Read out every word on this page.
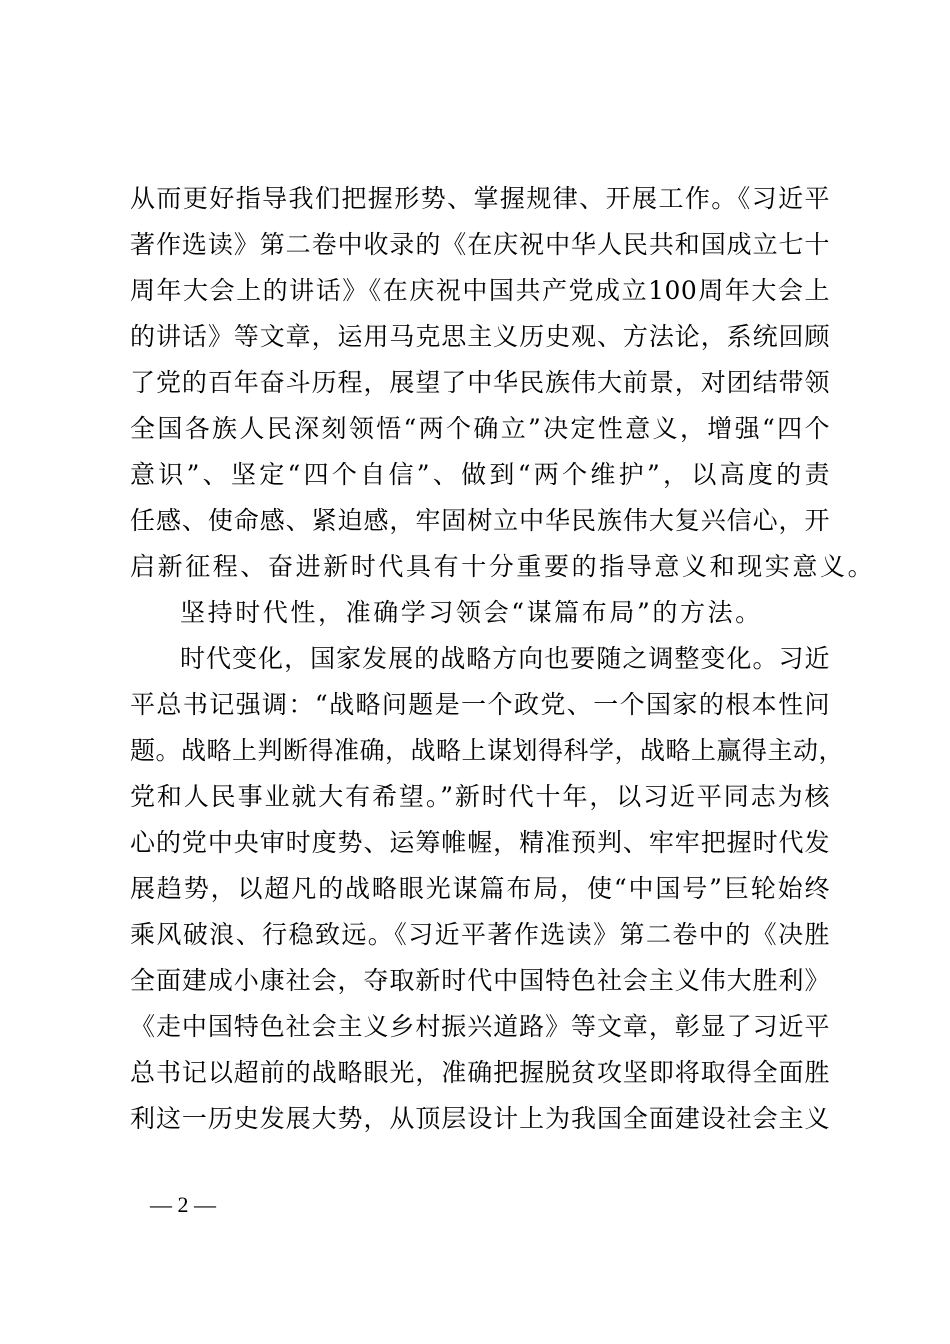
从而更好指导我们把握形势、掌握规律、开展工作。《习近平
著作选读》第二卷中收录的《在庆祝中华人民共和国成立七十
周年大会上的讲话》《在庆祝中国共产党成立100周年大会上
的讲话》等文章，运用马克思主义历史观、方法论，系统回顾
了党的百年奋斗历程，展望了中华民族伟大前景，对团结带领
全国各族人民深刻领悟“两个确立”决定性意义，增强“四个
意识”、坚定“四个自信”、做到“两个维护”，以高度的责
任感、使命感、紧迫感，牢固树立中华民族伟大复兴信心，开
启新征程、奋进新时代具有十分重要的指导意义和现实意义。
坚持时代性，准确学习领会“谋篇布局”的方法。
时代变化，国家发展的战略方向也要随之调整变化。习近
平总书记强调：“战略问题是一个政党、一个国家的根本性问
题。战略上判断得准确，战略上谋划得科学，战略上赢得主动，
党和人民事业就大有希望。”新时代十年，以习近平同志为核
心的党中央审时度势、运筹帷幄，精准预判、牢牢把握时代发
展趋势，以超凡的战略眼光谋篇布局，使“中国号”巨轮始终
乘风破浪、行稳致远。《习近平著作选读》第二卷中的《决胜
全面建成小康社会，夺取新时代中国特色社会主义伟大胜利》
《走中国特色社会主义乡村振兴道路》等文章，彰显了习近平
总书记以超前的战略眼光，准确把握脱贫攻坚即将取得全面胜
利这一历史发展大势，从顶层设计上为我国全面建设社会主义
— 2 —
